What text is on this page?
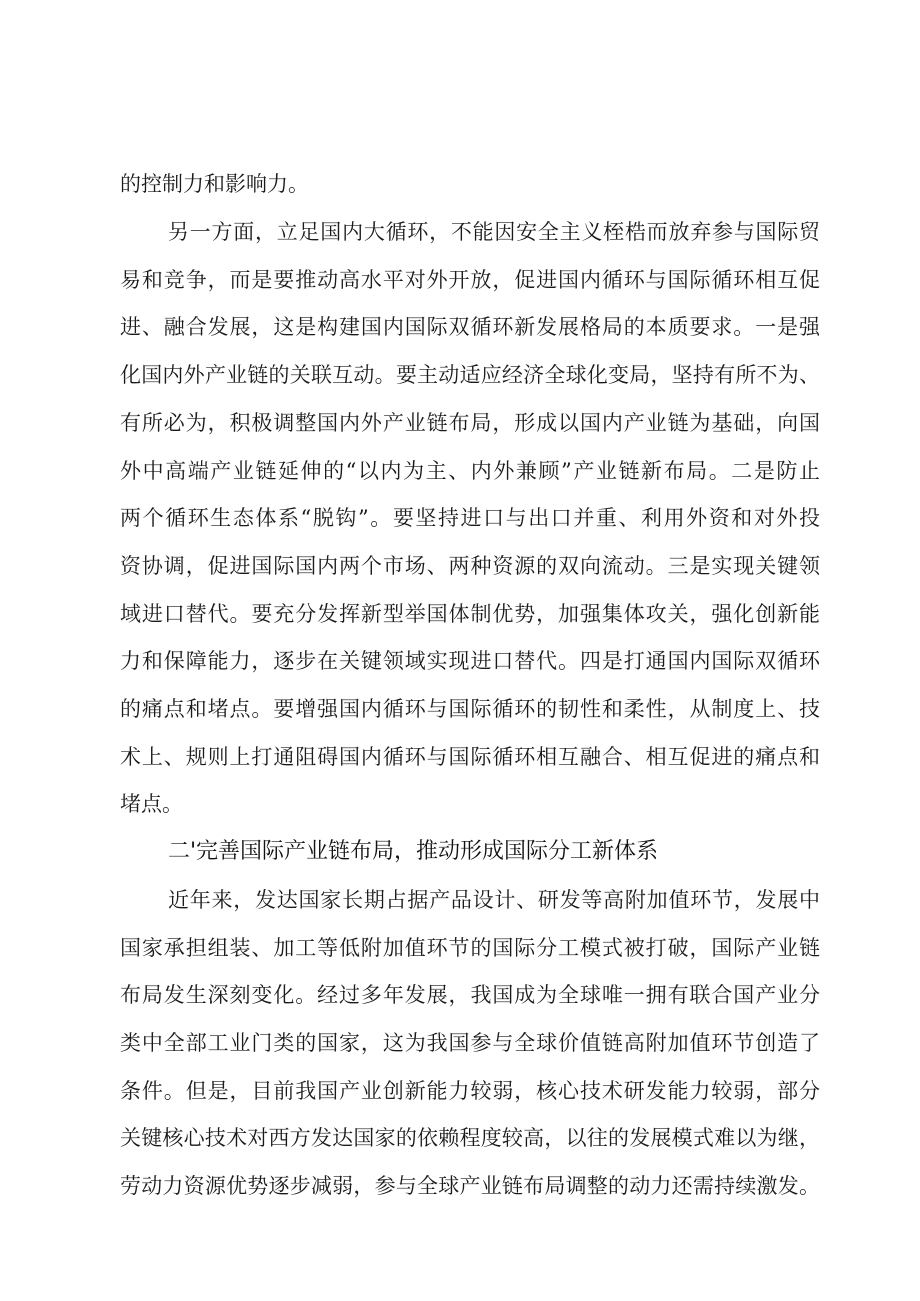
的控制力和影响力。
另一方面，立足国内大循环，不能因安全主义桎梏而放弃参与国际贸
易和竞争，而是要推动高水平对外开放，促进国内循环与国际循环相互促
进、融合发展，这是构建国内国际双循环新发展格局的本质要求。一是强
化国内外产业链的关联互动。要主动适应经济全球化变局，坚持有所不为、
有所必为，积极调整国内外产业链布局，形成以国内产业链为基础，向国
外中高端产业链延伸的“以内为主、内外兼顾”产业链新布局。二是防止
两个循环生态体系“脱钩”。要坚持进口与出口并重、利用外资和对外投
资协调，促进国际国内两个市场、两种资源的双向流动。三是实现关键领
域进口替代。要充分发挥新型举国体制优势，加强集体攻关，强化创新能
力和保障能力，逐步在关键领域实现进口替代。四是打通国内国际双循环
的痛点和堵点。要增强国内循环与国际循环的韧性和柔性，从制度上、技
术上、规则上打通阻碍国内循环与国际循环相互融合、相互促进的痛点和
堵点。
二'完善国际产业链布局，推动形成国际分工新体系
近年来，发达国家长期占据产品设计、研发等高附加值环节，发展中
国家承担组装、加工等低附加值环节的国际分工模式被打破，国际产业链
布局发生深刻变化。经过多年发展，我国成为全球唯一拥有联合国产业分
类中全部工业门类的国家，这为我国参与全球价值链高附加值环节创造了
条件。但是，目前我国产业创新能力较弱，核心技术研发能力较弱，部分
关键核心技术对西方发达国家的依赖程度较高，以往的发展模式难以为继，
劳动力资源优势逐步减弱，参与全球产业链布局调整的动力还需持续激发。
